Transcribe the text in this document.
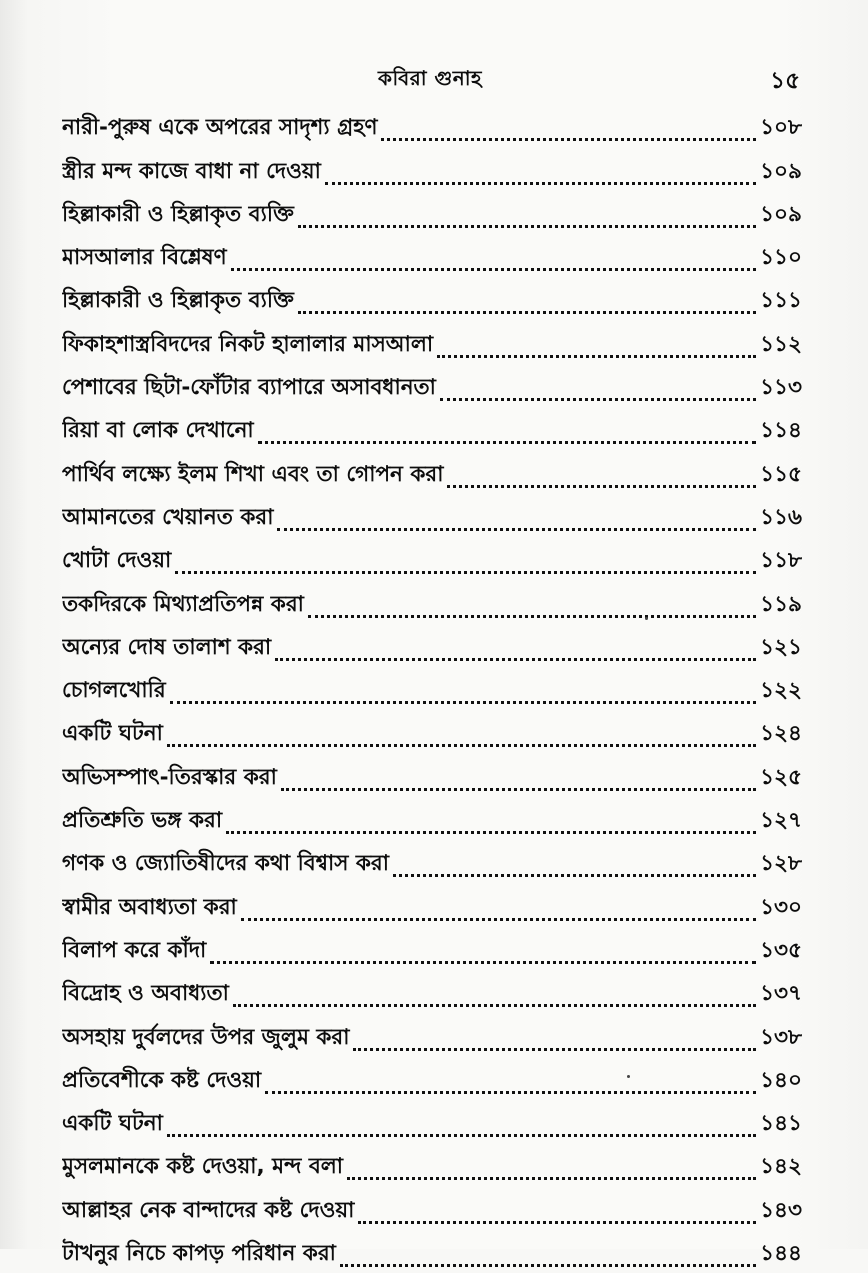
কবিরা গুনাহ	১৫
নারী-পুরুষ একে অপরের সাদৃশ্য গ্রহণ	১০৮
স্ত্রীর মন্দ কাজে বাধা না দেওয়া	১০৯
হিল্লাকারী ও হিল্লাকৃত ব্যক্তি	১০৯
মাসআলার বিশ্লেষণ	১১০
হিল্লাকারী ও হিল্লাকৃত ব্যক্তি	১১১
ফিকাহশাস্ত্রবিদদের নিকট হালালার মাসআলা	১১২
পেশাবের ছিটা-ফোঁটার ব্যাপারে অসাবধানতা	১১৩
রিয়া বা লোক দেখানো	১১৪
পার্থিব লক্ষ্যে ইলম শিখা এবং তা গোপন করা	১১৫
আমানতের খেয়ানত করা	১১৬
খোটা দেওয়া	১১৮
তকদিরকে মিথ্যাপ্রতিপন্ন করা	১১৯
অন্যের দোষ তালাশ করা	১২১
চোগলখোরি	১২২
একটি ঘটনা	১২৪
অভিসম্পাৎ-তিরস্কার করা	১২৫
প্রতিশ্রুতি ভঙ্গ করা	১২৭
গণক ও জ্যোতিষীদের কথা বিশ্বাস করা	১২৮
স্বামীর অবাধ্যতা করা	১৩০
বিলাপ করে কাঁদা	১৩৫
বিদ্রোহ ও অবাধ্যতা	১৩৭
অসহায় দুর্বলদের উপর জুলুম করা	১৩৮
প্রতিবেশীকে কষ্ট দেওয়া	১৪০
একটি ঘটনা	১৪১
মুসলমানকে কষ্ট দেওয়া, মন্দ বলা	১৪২
আল্লাহর নেক বান্দাদের কষ্ট দেওয়া	১৪৩
টাখনুর নিচে কাপড় পরিধান করা	১৪৪
